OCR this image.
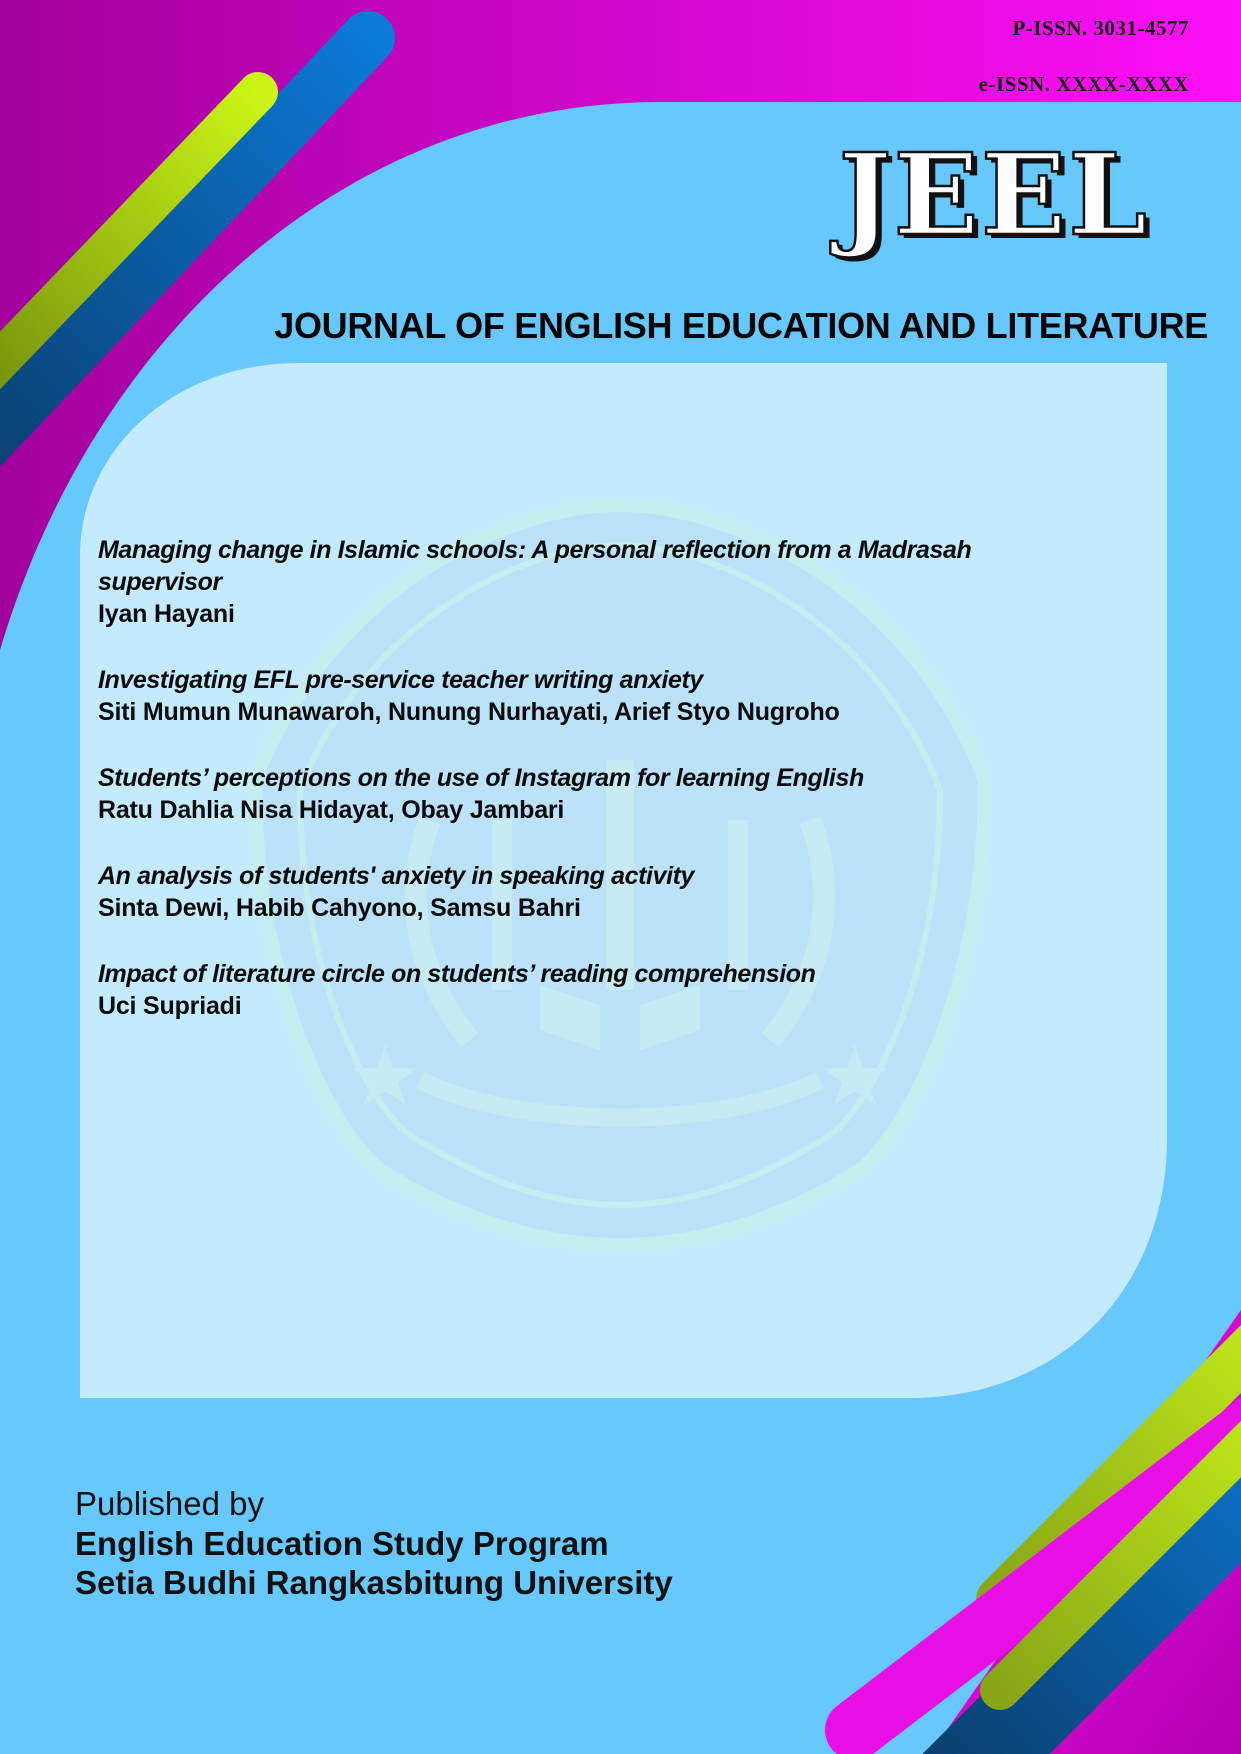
P-ISSN. 3031-4577
e-ISSN. XXXX-XXXX
JEEL
JOURNAL OF ENGLISH EDUCATION AND LITERATURE
Managing change in Islamic schools: A personal reflection from a Madrasah supervisor
Iyan Hayani
Investigating EFL pre-service teacher writing anxiety
Siti Mumun Munawaroh, Nunung Nurhayati, Arief Styo Nugroho
Students’ perceptions on the use of Instagram for learning English
Ratu Dahlia Nisa Hidayat, Obay Jambari
An analysis of students' anxiety in speaking activity
Sinta Dewi, Habib Cahyono, Samsu Bahri
Impact of literature circle on students’ reading comprehension
Uci Supriadi
Published by
English Education Study Program
Setia Budhi Rangkasbitung University
